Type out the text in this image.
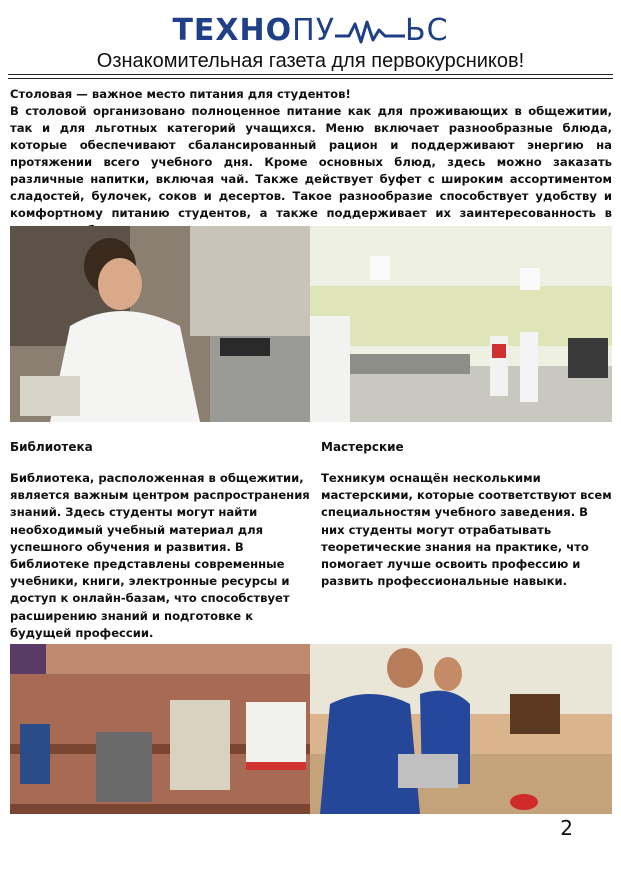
ТЕХНОПУ ЬС
Ознакомительная газета для первокурсников!
Столовая — важное место питания для студентов!
В столовой организовано полноценное питание как для проживающих в общежитии, так и для льготных категорий учащихся. Меню включает разнообразные блюда, которые обеспечивают сбалансированный рацион и поддерживают энергию на протяжении всего учебного дня. Кроме основных блюд, здесь можно заказать различные напитки, включая чай. Также действует буфет с широким ассортиментом сладостей, булочек, соков и десертов. Такое разнообразие способствует удобству и комфортному питанию студентов, а также поддерживает их заинтересованность в
Библиотека
Библиотека, расположенная в общежитии, является важным центром распространения знаний. Здесь студенты могут найти необходимый учебный материал для успешного обучения и развития. В библиотеке представлены современные учебники, книги, электронные ресурсы и доступ к онлайн-базам, что способствует расширению знаний и подготовке к будущей профессии.
Мастерские
Техникум оснащён несколькими мастерскими, которые соответствуют всем специальностям учебного заведения. В них студенты могут отрабатывать теоретические знания на практике, что помогает лучше освоить профессию и развить профессиональные навыки.
2
